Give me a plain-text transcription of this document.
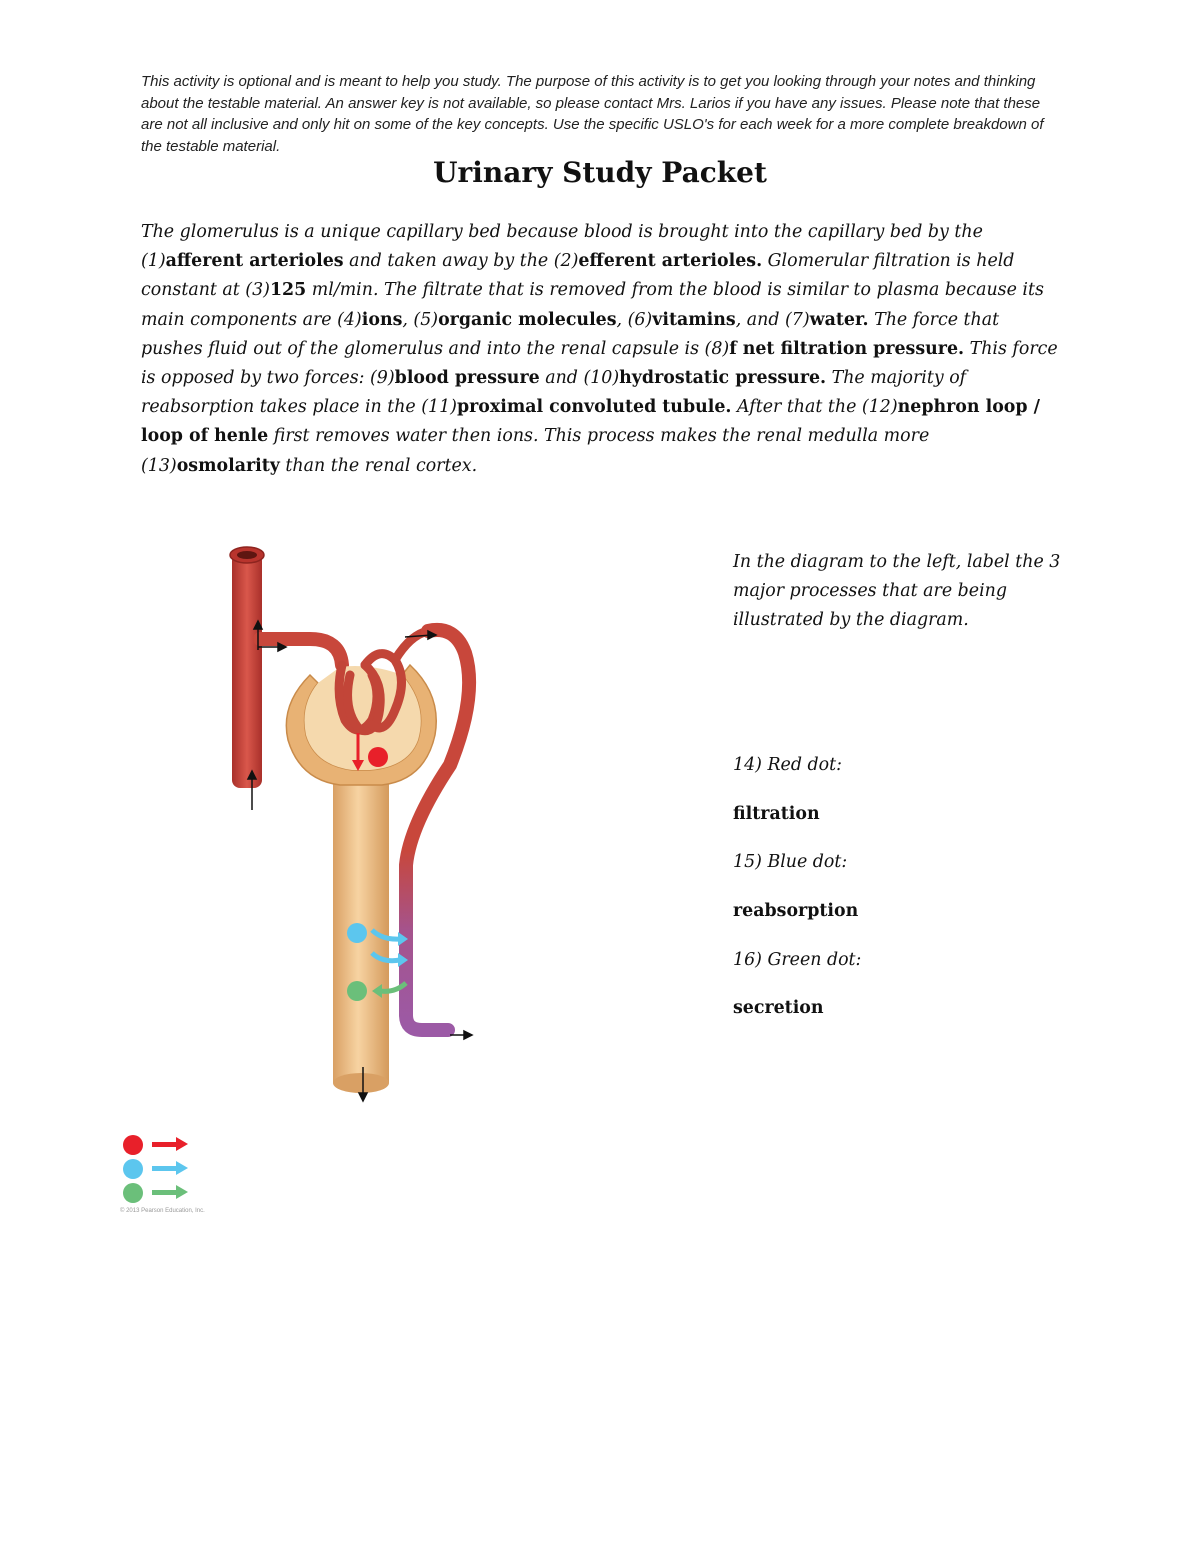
This activity is optional and is meant to help you study. The purpose of this activity is to get you looking through your notes and thinking about the testable material. An answer key is not available, so please contact Mrs. Larios if you have any issues. Please note that these are not all inclusive and only hit on some of the key concepts. Use the specific USLO's for each week for a more complete breakdown of the testable material.
Urinary Study Packet
The glomerulus is a unique capillary bed because blood is brought into the capillary bed by the (1)afferent arterioles and taken away by the (2)efferent arterioles. Glomerular filtration is held constant at (3)125 ml/min. The filtrate that is removed from the blood is similar to plasma because its main components are (4)ions, (5)organic molecules, (6)vitamins, and (7)water. The force that pushes fluid out of the glomerulus and into the renal capsule is (8)f net filtration pressure. This force is opposed by two forces: (9)blood pressure and (10)hydrostatic pressure. The majority of reabsorption takes place in the (11)proximal convoluted tubule. After that the (12)nephron loop / loop of henle first removes water then ions. This process makes the renal medulla more (13)osmolarity than the renal cortex.
© 2013 Pearson Education, Inc.
In the diagram to the left, label the 3 major processes that are being illustrated by the diagram.
14) Red dot:
filtration
15) Blue dot:
reabsorption
16) Green dot:
secretion
